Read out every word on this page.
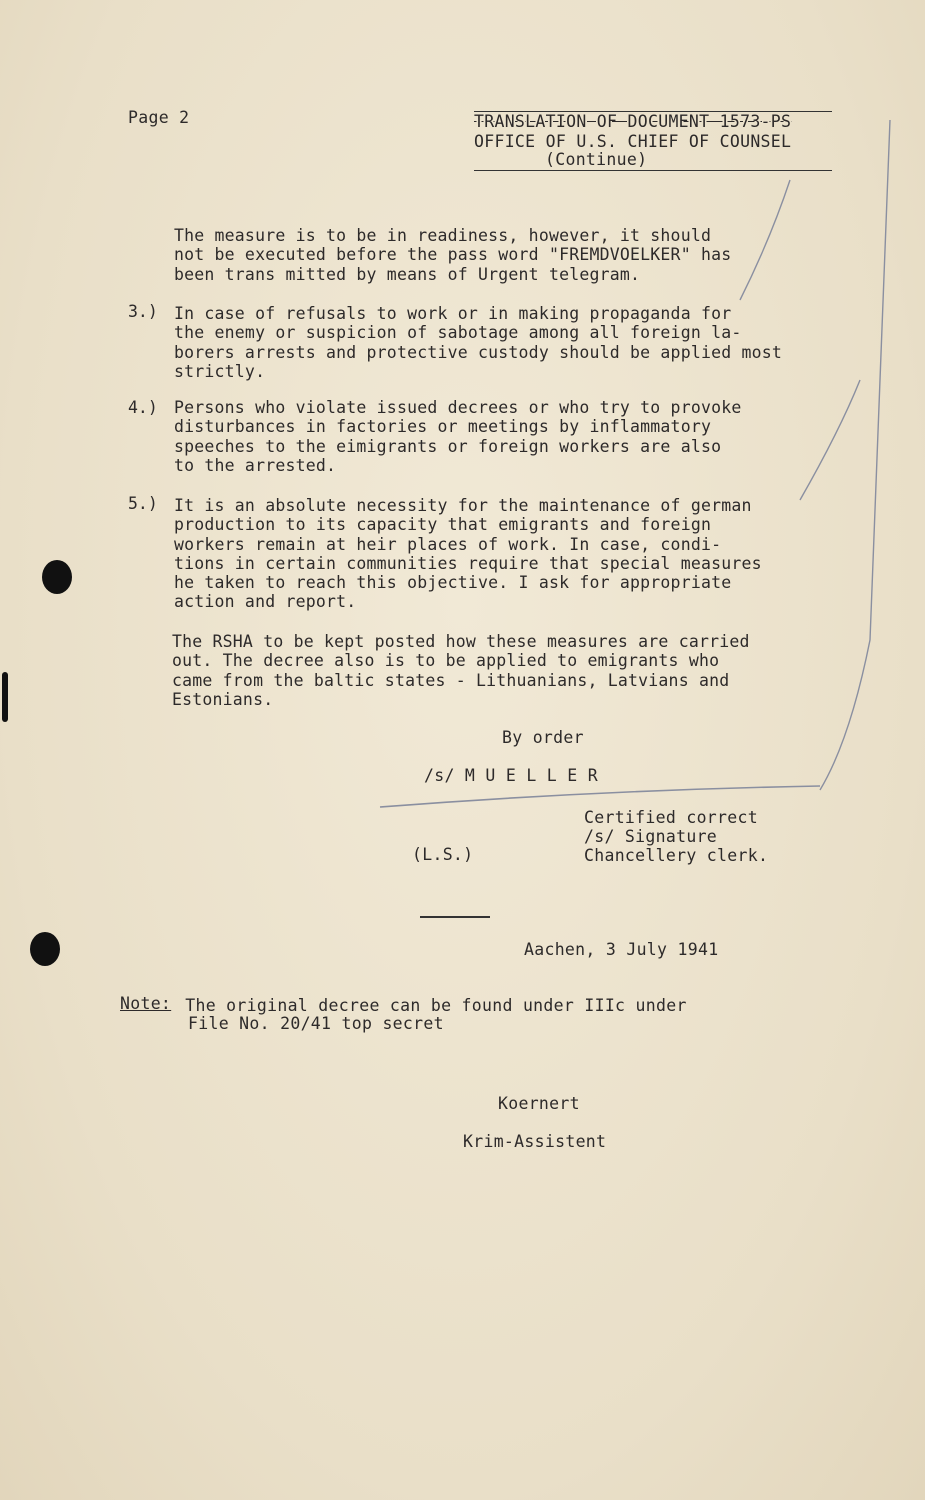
Page 2	TRANSLATION OF DOCUMENT 1573-PS
OFFICE OF U.S. CHIEF OF COUNSEL
(Continue)
The measure is to be in readiness, however, it should
not be executed before the pass word "FREMDVOELKER" has
been trans mitted by means of Urgent telegram.
3.) In case of refusals to work or in making propaganda for
the enemy or suspicion of sabotage among all foreign la-
borers arrests and protective custody should be applied most
strictly.
4.) Persons who violate issued decrees or who try to provoke
disturbances in factories or meetings by inflammatory
speeches to the eimigrants or foreign workers are also
to the arrested.
5.) It is an absolute necessity for the maintenance of german
production to its capacity that emigrants and foreign
workers remain at heir places of work. In case, condi-
tions in certain communities require that special measures
he taken to reach this objective. I ask for appropriate
action and report.
The RSHA to be kept posted how these measures are carried
out. The decree also is to be applied to emigrants who
came from the baltic states - Lithuanians, Latvians and
Estonians.
By order
/s/ M U E L L E R
Certified correct
/s/ Signature
(L.S.)	Chancellery clerk.
Aachen, 3 July 1941
Note: The original decree can be found under IIIc under
File No. 20/41 top secret
Koernert
Krim-Assistent
